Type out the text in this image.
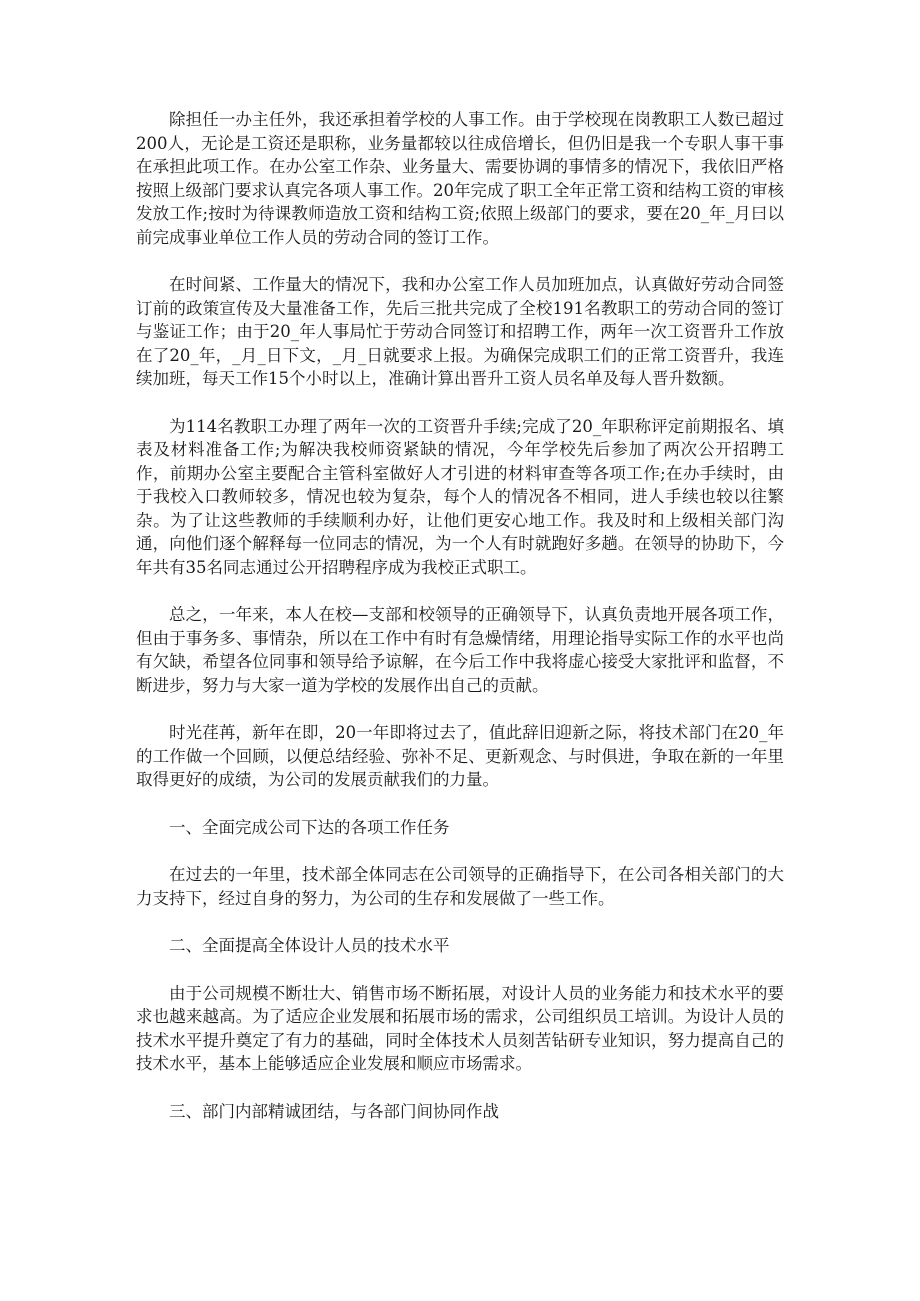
除担任一办主任外，我还承担着学校的人事工作。由于学校现在岗教职工人数已超过200人，无论是工资还是职称，业务量都较以往成倍增长，但仍旧是我一个专职人事干事在承担此项工作。在办公室工作杂、业务量大、需要协调的事情多的情况下，我依旧严格按照上级部门要求认真完各项人事工作。20年完成了职工全年正常工资和结构工资的审核发放工作;按时为待课教师造放工资和结构工资;依照上级部门的要求，要在20_年_月曰以前完成事业单位工作人员的劳动合同的签订工作。

在时间紧、工作量大的情况下，我和办公室工作人员加班加点，认真做好劳动合同签订前的政策宣传及大量准备工作，先后三批共完成了全校191名教职工的劳动合同的签订与鉴证工作；由于20_年人事局忙于劳动合同签订和招聘工作，两年一次工资晋升工作放在了20_年，_月_日下文，_月_日就要求上报。为确保完成职工们的正常工资晋升，我连续加班，每天工作15个小时以上，准确计算出晋升工资人员名单及每人晋升数额。

为114名教职工办理了两年一次的工资晋升手续;完成了20_年职称评定前期报名、填表及材料准备工作;为解决我校师资紧缺的情况，今年学校先后参加了两次公开招聘工作，前期办公室主要配合主管科室做好人才引进的材料审查等各项工作;在办手续时，由于我校入口教师较多，情况也较为复杂，每个人的情况各不相同，进人手续也较以往繁杂。为了让这些教师的手续顺利办好，让他们更安心地工作。我及时和上级相关部门沟通，向他们逐个解释每一位同志的情况，为一个人有时就跑好多趟。在领导的协助下，今年共有35名同志通过公开招聘程序成为我校正式职工。

总之，一年来，本人在校—支部和校领导的正确领导下，认真负责地开展各项工作，但由于事务多、事情杂，所以在工作中有时有急燥情绪，用理论指导实际工作的水平也尚有欠缺，希望各位同事和领导给予谅解，在今后工作中我将虚心接受大家批评和监督，不断进步，努力与大家一道为学校的发展作出自己的贡献。

时光荏苒，新年在即，20一年即将过去了，值此辞旧迎新之际，将技术部门在20_年的工作做一个回顾，以便总结经验、弥补不足、更新观念、与时俱进，争取在新的一年里取得更好的成绩，为公司的发展贡献我们的力量。

一、全面完成公司下达的各项工作任务

在过去的一年里，技术部全体同志在公司领导的正确指导下，在公司各相关部门的大力支持下，经过自身的努力，为公司的生存和发展做了一些工作。

二、全面提高全体设计人员的技术水平

由于公司规模不断壮大、销售市场不断拓展，对设计人员的业务能力和技术水平的要求也越来越高。为了适应企业发展和拓展市场的需求，公司组织员工培训。为设计人员的技术水平提升奠定了有力的基础，同时全体技术人员刻苦钻研专业知识，努力提高自己的技术水平，基本上能够适应企业发展和顺应市场需求。

三、部门内部精诚团结，与各部门间协同作战
